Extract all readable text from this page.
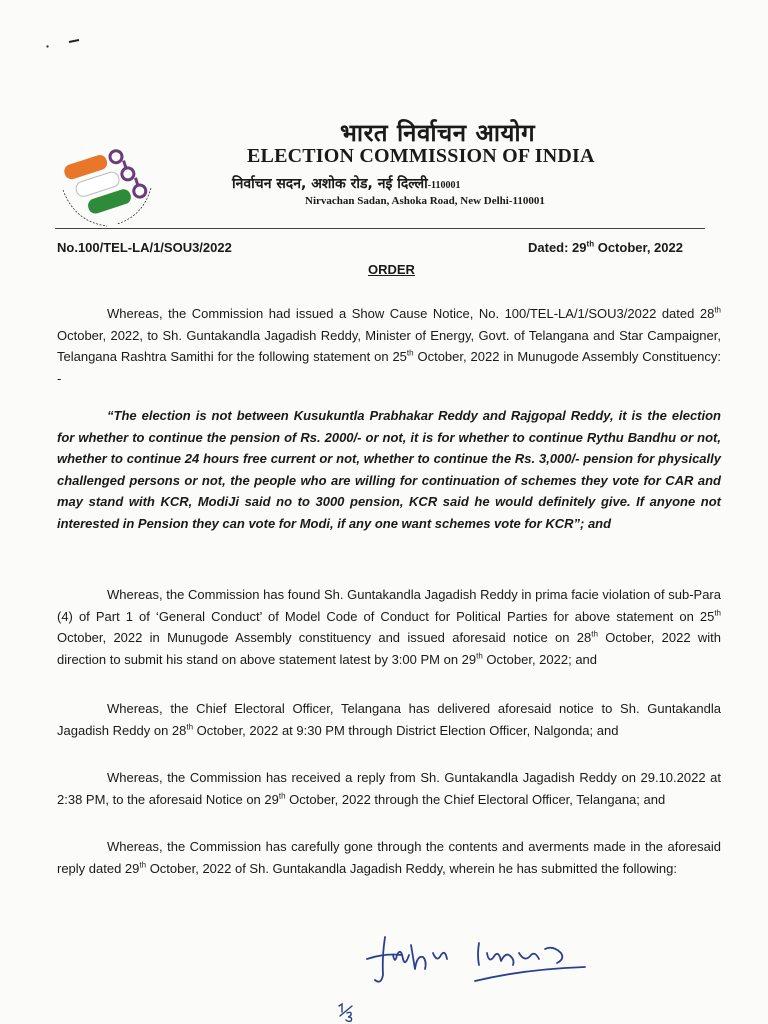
भारत निर्वाचन आयोग
ELECTION COMMISSION OF INDIA
निर्वाचन सदन, अशोक रोड, नई दिल्ली-110001
Nirvachan Sadan, Ashoka Road, New Delhi-110001
No.100/TEL-LA/1/SOU3/2022	Dated: 29th October, 2022
ORDER
Whereas, the Commission had issued a Show Cause Notice, No. 100/TEL-LA/1/SOU3/2022 dated 28th October, 2022, to Sh. Guntakandla Jagadish Reddy, Minister of Energy, Govt. of Telangana and Star Campaigner, Telangana Rashtra Samithi for the following statement on 25th October, 2022 in Munugode Assembly Constituency: -
“The election is not between Kusukuntla Prabhakar Reddy and Rajgopal Reddy, it is the election for whether to continue the pension of Rs. 2000/- or not, it is for whether to continue Rythu Bandhu or not, whether to continue 24 hours free current or not, whether to continue the Rs. 3,000/- pension for physically challenged persons or not, the people who are willing for continuation of schemes they vote for CAR and may stand with KCR, ModiJi said no to 3000 pension, KCR said he would definitely give. If anyone not interested in Pension they can vote for Modi, if any one want schemes vote for KCR”; and
Whereas, the Commission has found Sh. Guntakandla Jagadish Reddy in prima facie violation of sub-Para (4) of Part 1 of ‘General Conduct’ of Model Code of Conduct for Political Parties for above statement on 25th October, 2022 in Munugode Assembly constituency and issued aforesaid notice on 28th October, 2022 with direction to submit his stand on above statement latest by 3:00 PM on 29th October, 2022; and
Whereas, the Chief Electoral Officer, Telangana has delivered aforesaid notice to Sh. Guntakandla Jagadish Reddy on 28th October, 2022 at 9:30 PM through District Election Officer, Nalgonda; and
Whereas, the Commission has received a reply from Sh. Guntakandla Jagadish Reddy on 29.10.2022 at 2:38 PM, to the aforesaid Notice on 29th October, 2022 through the Chief Electoral Officer, Telangana; and
Whereas, the Commission has carefully gone through the contents and averments made in the aforesaid reply dated 29th October, 2022 of Sh. Guntakandla Jagadish Reddy, wherein he has submitted the following:
